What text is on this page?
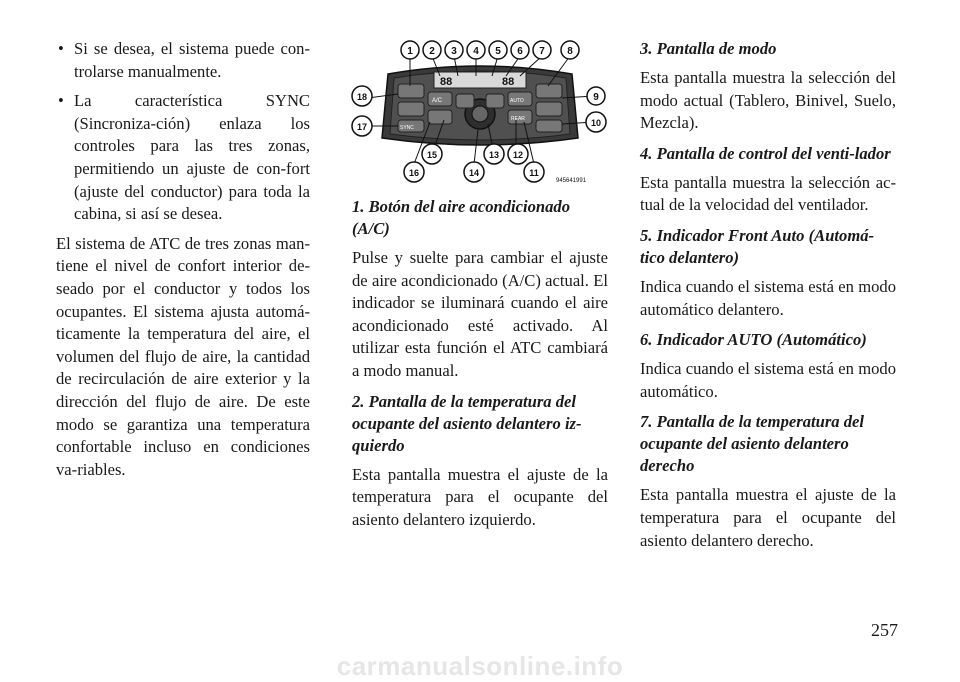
• Si se desea, el sistema puede con-trolarse manualmente.
• La característica SYNC (Sincroniza-ción) enlaza los controles para las tres zonas, permitiendo un ajuste de con-fort (ajuste del conductor) para toda la cabina, si así se desea.

El sistema de ATC de tres zonas man-tiene el nivel de confort interior de-seado por el conductor y todos los ocupantes. El sistema ajusta automá-ticamente la temperatura del aire, el volumen del flujo de aire, la cantidad de recirculación de aire exterior y la dirección del flujo de aire. De este modo se garantiza una temperatura confortable incluso en condiciones va-riables.

88	88
A/C
SYNC
AUTO
REAR
1 2 3 4 5 6 7 8
9
10
11
12
13
14
15
16
17
18
945641991
1. Botón del aire acondicionado (A/C)

Pulse y suelte para cambiar el ajuste de aire acondicionado (A/C) actual. El indicador se iluminará cuando el aire acondicionado esté activado. Al utilizar esta función el ATC cambiará a modo manual.

2. Pantalla de la temperatura del ocupante del asiento delantero iz-quierdo

Esta pantalla muestra el ajuste de la temperatura para el ocupante del asiento delantero izquierdo.

3. Pantalla de modo

Esta pantalla muestra la selección del modo actual (Tablero, Binivel, Suelo, Mezcla).

4. Pantalla de control del venti-lador

Esta pantalla muestra la selección ac-tual de la velocidad del ventilador.

5. Indicador Front Auto (Automá-tico delantero)

Indica cuando el sistema está en modo automático delantero.

6. Indicador AUTO (Automático)

Indica cuando el sistema está en modo automático.

7. Pantalla de la temperatura del ocupante del asiento delantero derecho

Esta pantalla muestra el ajuste de la temperatura para el ocupante del asiento delantero derecho.

257
carmanualsonline.info
